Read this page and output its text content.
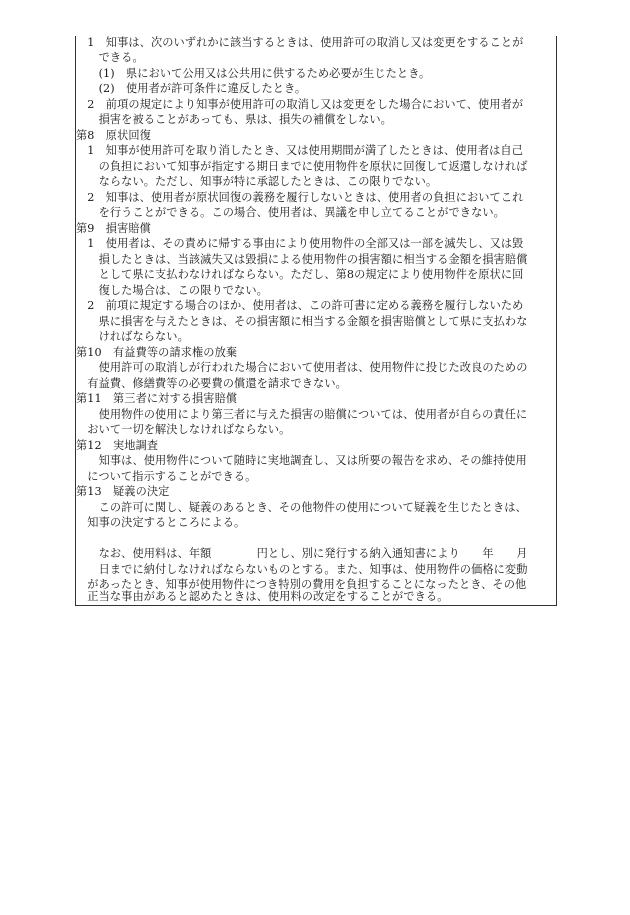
　1　知事は、次のいずれかに該当するときは、使用許可の取消し又は変更をすることが
　　できる。
　　(1)　県において公用又は公共用に供するため必要が生じたとき。
　　(2)　使用者が許可条件に違反したとき。
　2　前項の規定により知事が使用許可の取消し又は変更をした場合において、使用者が
　　損害を被ることがあっても、県は、損失の補償をしない。
第8　原状回復
　1　知事が使用許可を取り消したとき、又は使用期間が満了したときは、使用者は自己
　　の負担において知事が指定する期日までに使用物件を原状に回復して返還しなければ
　　ならない。ただし、知事が特に承認したときは、この限りでない。
　2　知事は、使用者が原状回復の義務を履行しないときは、使用者の負担においてこれ
　　を行うことができる。この場合、使用者は、異議を申し立てることができない。
第9　損害賠償
　1　使用者は、その責めに帰する事由により使用物件の全部又は一部を滅失し、又は毀
　　損したときは、当該滅失又は毀損による使用物件の損害額に相当する金額を損害賠償
　　として県に支払わなければならない。ただし、第8の規定により使用物件を原状に回
　　復した場合は、この限りでない。
　2　前項に規定する場合のほか、使用者は、この許可書に定める義務を履行しないため
　　県に損害を与えたときは、その損害額に相当する金額を損害賠償として県に支払わな
　　ければならない。
第10　有益費等の請求権の放棄
　　使用許可の取消しが行われた場合において使用者は、使用物件に投じた改良のための
　有益費、修繕費等の必要費の償還を請求できない。
第11　第三者に対する損害賠償
　　使用物件の使用により第三者に与えた損害の賠償については、使用者が自らの責任に
　おいて一切を解決しなければならない。
第12　実地調査
　　知事は、使用物件について随時に実地調査し、又は所要の報告を求め、その維持使用
　について指示することができる。
第13　疑義の決定
　　この許可に関し、疑義のあるとき、その他物件の使用について疑義を生じたときは、
　知事の決定するところによる。
　　なお、使用料は、年額　　　　円とし、別に発行する納入通知書により　　年　　月
　　日までに納付しなければならないものとする。また、知事は、使用物件の価格に変動
　があったとき、知事が使用物件につき特別の費用を負担することになったとき、その他
　正当な事由があると認めたときは、使用料の改定をすることができる。
